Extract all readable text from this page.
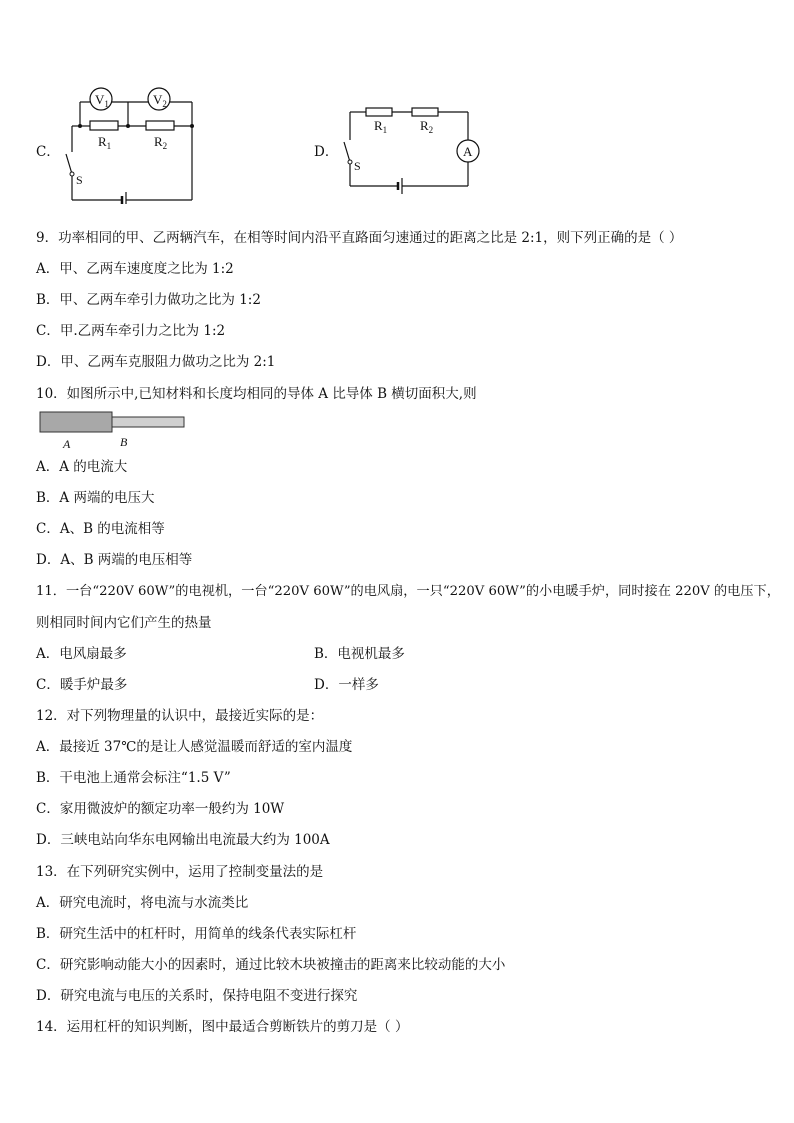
C．
$V_1$	$V_2$
$R_1$	$R_2$
S
D．
$R_1$	$R_2$
A
S
9．功率相同的甲、乙两辆汽车，在相等时间内沿平直路面匀速通过的距离之比是 2:1，则下列正确的是（ ）
A．甲、乙两车速度度之比为 1:2
B．甲、乙两车牵引力做功之比为 1:2
C．甲.乙两车牵引力之比为 1:2
D．甲、乙两车克服阻力做功之比为 2:1
10．如图所示中,已知材料和长度均相同的导体 A 比导体 B 横切面积大,则
A	B
A．A 的电流大
B．A 两端的电压大
C．A、B 的电流相等
D．A、B 两端的电压相等
11．一台“220V 60W”的电视机，一台“220V 60W”的电风扇，一只“220V 60W”的小电暖手炉，同时接在 220V 的电压下，
则相同时间内它们产生的热量
A．电风扇最多	B．电视机最多
C．暖手炉最多	D．一样多
12．对下列物理量的认识中，最接近实际的是：
A．最接近 37℃的是让人感觉温暖而舒适的室内温度
B．干电池上通常会标注“1.5 V”
C．家用微波炉的额定功率一般约为 10W
D．三峡电站向华东电网输出电流最大约为 100A
13．在下列研究实例中，运用了控制变量法的是
A．研究电流时，将电流与水流类比
B．研究生活中的杠杆时，用简单的线条代表实际杠杆
C．研究影响动能大小的因素时，通过比较木块被撞击的距离来比较动能的大小
D．研究电流与电压的关系时，保持电阻不变进行探究
14．运用杠杆的知识判断，图中最适合剪断铁片的剪刀是（ ）
